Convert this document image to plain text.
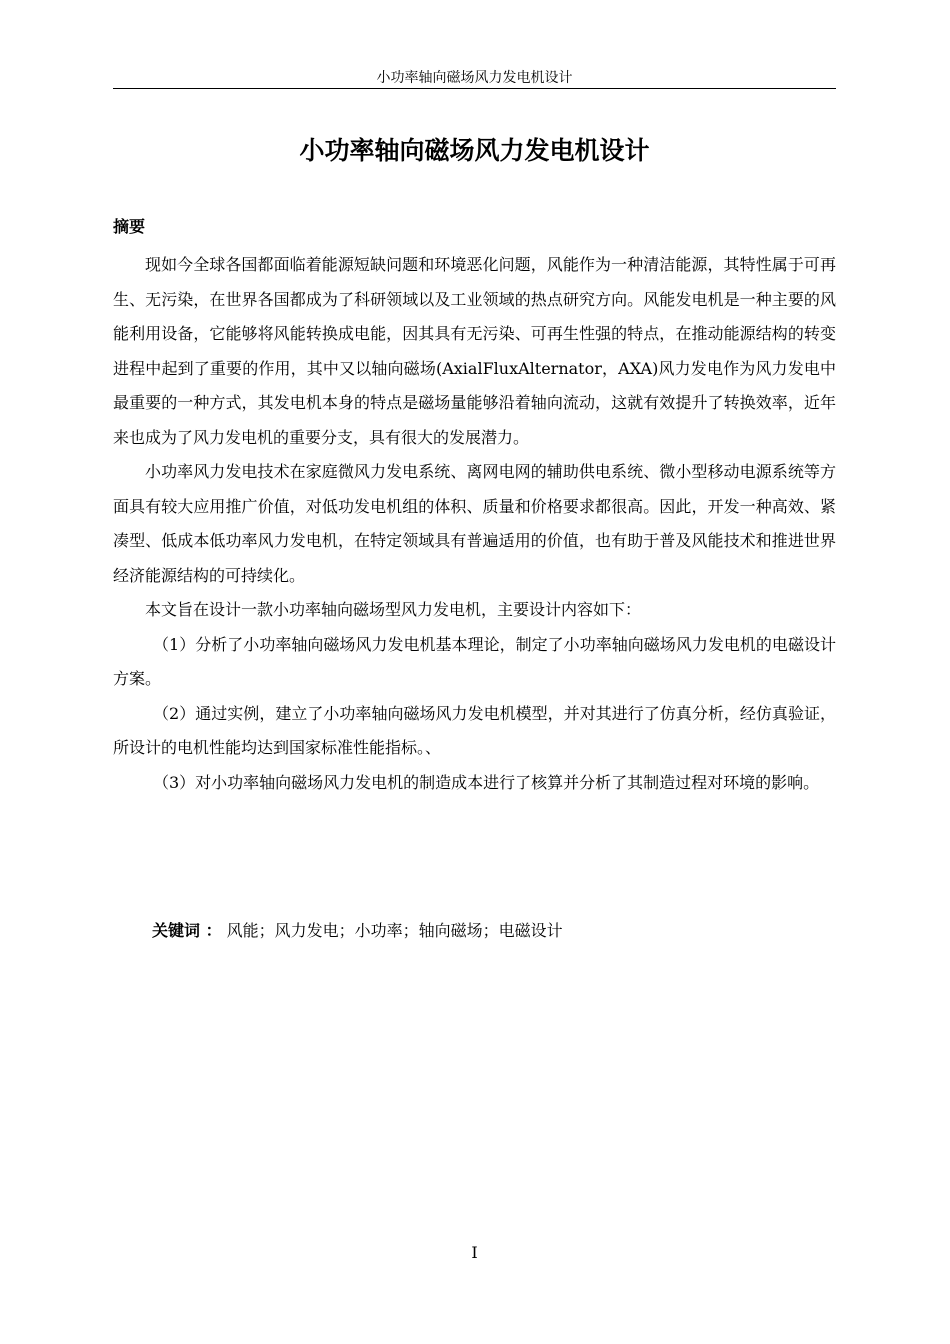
小功率轴向磁场风力发电机设计
小功率轴向磁场风力发电机设计
摘要

现如今全球各国都面临着能源短缺问题和环境恶化问题，风能作为一种清洁能源，其特性属于可再生、无污染，在世界各国都成为了科研领域以及工业领域的热点研究方向。风能发电机是一种主要的风能利用设备，它能够将风能转换成电能，因其具有无污染、可再生性强的特点，在推动能源结构的转变进程中起到了重要的作用，其中又以轴向磁场(AxialFluxAlternator，AXA)风力发电作为风力发电中最重要的一种方式，其发电机本身的特点是磁场量能够沿着轴向流动，这就有效提升了转换效率，近年来也成为了风力发电机的重要分支，具有很大的发展潜力。

小功率风力发电技术在家庭微风力发电系统、离网电网的辅助供电系统、微小型移动电源系统等方面具有较大应用推广价值，对低功发电机组的体积、质量和价格要求都很高。因此，开发一种高效、紧凑型、低成本低功率风力发电机，在特定领域具有普遍适用的价值，也有助于普及风能技术和推进世界经济能源结构的可持续化。

本文旨在设计一款小功率轴向磁场型风力发电机，主要设计内容如下：

（1）分析了小功率轴向磁场风力发电机基本理论，制定了小功率轴向磁场风力发电机的电磁设计方案。

（2）通过实例，建立了小功率轴向磁场风力发电机模型，并对其进行了仿真分析，经仿真验证，所设计的电机性能均达到国家标准性能指标。、

（3）对小功率轴向磁场风力发电机的制造成本进行了核算并分析了其制造过程对环境的影响。

关键词 ： 风能；风力发电；小功率；轴向磁场；电磁设计
I
